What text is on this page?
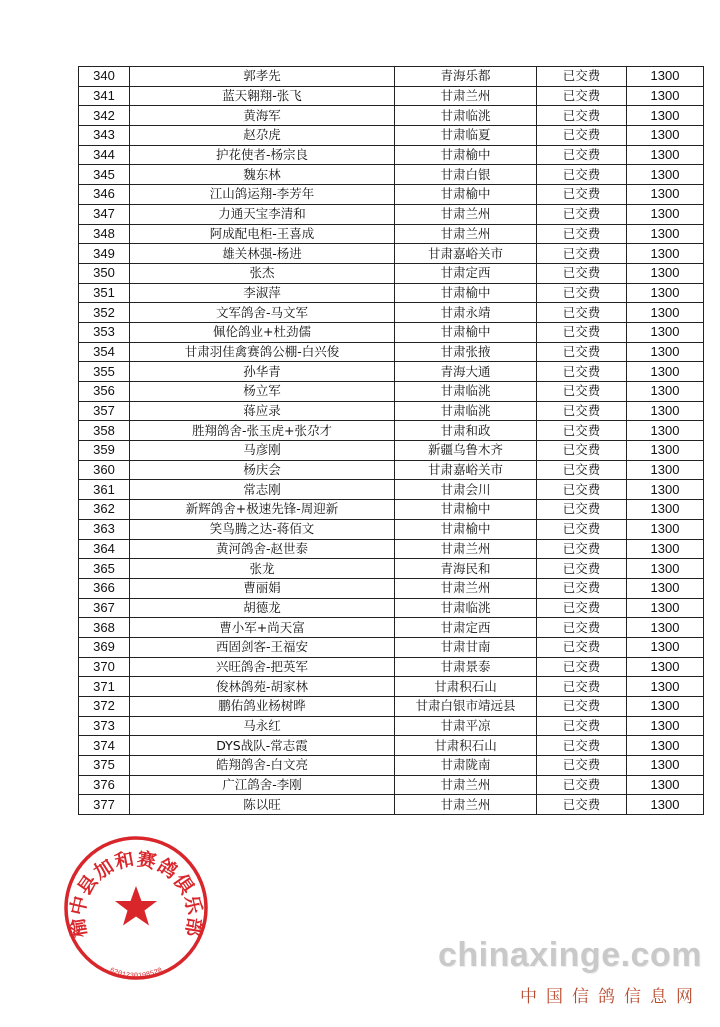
340	郭孝先	青海乐都	已交费	1300
341	蓝天翱翔-张飞	甘肃兰州	已交费	1300
342	黄海军	甘肃临洮	已交费	1300
343	赵尕虎	甘肃临夏	已交费	1300
344	护花使者-杨宗良	甘肃榆中	已交费	1300
345	魏东林	甘肃白银	已交费	1300
346	江山鸽运翔-李芳年	甘肃榆中	已交费	1300
347	力通天宝李清和	甘肃兰州	已交费	1300
348	阿成配电柜-王喜成	甘肃兰州	已交费	1300
349	雄关林强-杨进	甘肃嘉峪关市	已交费	1300
350	张杰	甘肃定西	已交费	1300
351	李淑萍	甘肃榆中	已交费	1300
352	文军鸽舍-马文军	甘肃永靖	已交费	1300
353	佩伦鸽业+杜劲儒	甘肃榆中	已交费	1300
354	甘肃羽佳禽赛鸽公棚-白兴俊	甘肃张掖	已交费	1300
355	孙华青	青海大通	已交费	1300
356	杨立军	甘肃临洮	已交费	1300
357	蒋应录	甘肃临洮	已交费	1300
358	胜翔鸽舍-张玉虎+张尕才	甘肃和政	已交费	1300
359	马彦刚	新疆乌鲁木齐	已交费	1300
360	杨庆会	甘肃嘉峪关市	已交费	1300
361	常志刚	甘肃会川	已交费	1300
362	新辉鸽舍+极速先锋-周迎新	甘肃榆中	已交费	1300
363	笑鸟腾之达-蒋佰文	甘肃榆中	已交费	1300
364	黄河鸽舍-赵世泰	甘肃兰州	已交费	1300
365	张龙	青海民和	已交费	1300
366	曹丽娟	甘肃兰州	已交费	1300
367	胡德龙	甘肃临洮	已交费	1300
368	曹小军+尚天富	甘肃定西	已交费	1300
369	西固剑客-王福安	甘肃甘南	已交费	1300
370	兴旺鸽舍-把英军	甘肃景泰	已交费	1300
371	俊林鸽苑-胡家林	甘肃积石山	已交费	1300
372	鹏佑鸽业杨树晔	甘肃白银市靖远县	已交费	1300
373	马永红	甘肃平凉	已交费	1300
374	DYS战队-常志霞	甘肃积石山	已交费	1300
375	皓翔鸽舍-白文亮	甘肃陇南	已交费	1300
376	广江鸽舍-李刚	甘肃兰州	已交费	1300
377	陈以旺	甘肃兰州	已交费	1300
榆中县加和赛鸽俱乐部
6201230108520	chinaxinge.com
中国信鸽信息网
